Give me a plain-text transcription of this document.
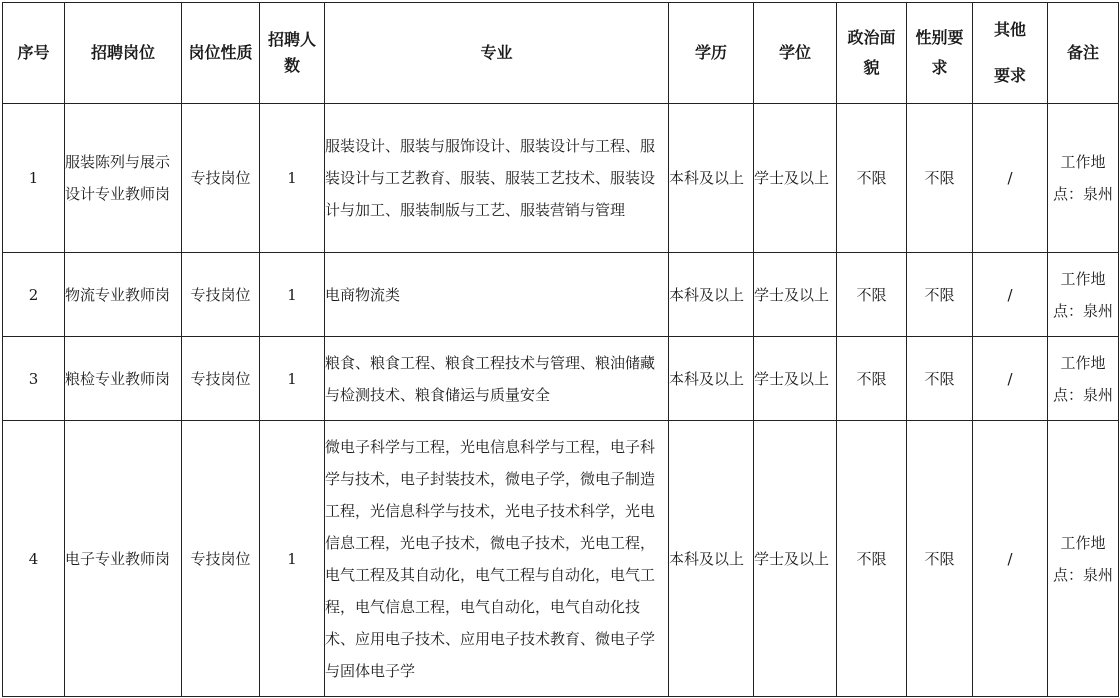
序号	招聘岗位	岗位性质	招聘人数	专业	学历	学位	政治面貌	性别要求	其他要求	备注
1	服装陈列与展示设计专业教师岗	专技岗位	1	服装设计、服装与服饰设计、服装设计与工程、服装设计与工艺教育、服装、服装工艺技术、服装设计与加工、服装制版与工艺、服装营销与管理	本科及以上	学士及以上	不限	不限	/	工作地点：泉州
2	物流专业教师岗	专技岗位	1	电商物流类	本科及以上	学士及以上	不限	不限	/	工作地点：泉州
3	粮检专业教师岗	专技岗位	1	粮食、粮食工程、粮食工程技术与管理、粮油储藏与检测技术、粮食储运与质量安全	本科及以上	学士及以上	不限	不限	/	工作地点：泉州
4	电子专业教师岗	专技岗位	1	微电子科学与工程，光电信息科学与工程，电子科学与技术，电子封装技术，微电子学，微电子制造工程，光信息科学与技术，光电子技术科学，光电信息工程，光电子技术，微电子技术，光电工程，电气工程及其自动化，电气工程与自动化，电气工程，电气信息工程，电气自动化，电气自动化技术、应用电子技术、应用电子技术教育、微电子学与固体电子学	本科及以上	学士及以上	不限	不限	/	工作地点：泉州
